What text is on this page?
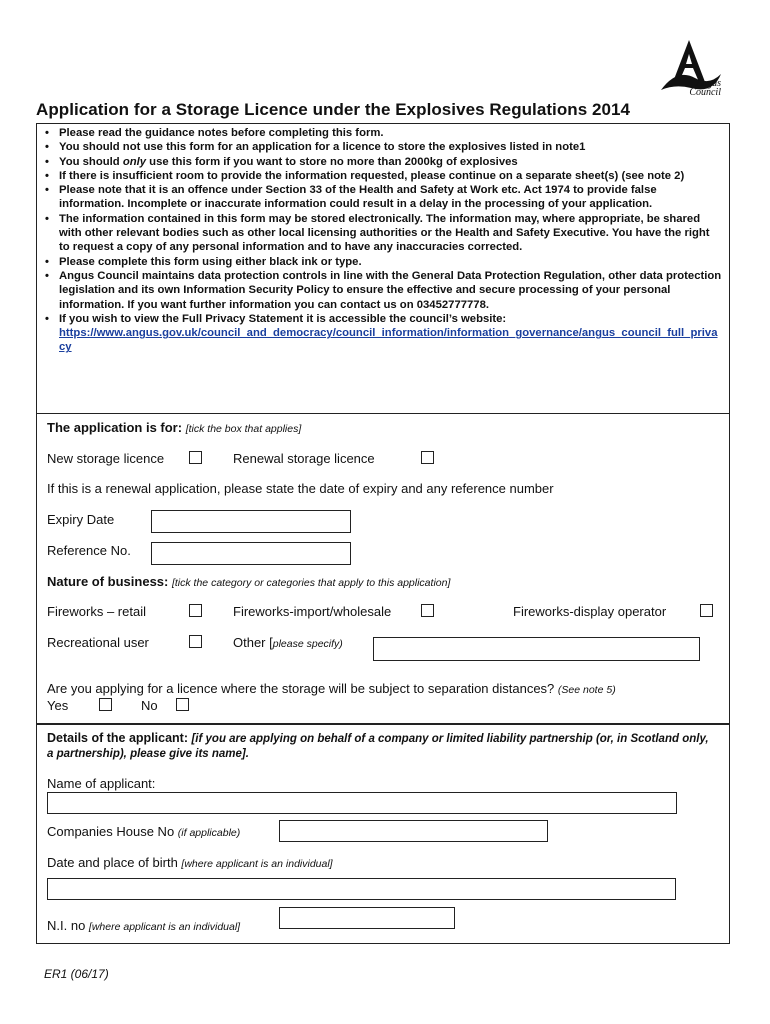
Angus
Council
Application for a Storage Licence under the Explosives Regulations 2014
• Please read the guidance notes before completing this form.
• You should not use this form for an application for a licence to store the explosives listed in note1
• You should only use this form if you want to store no more than 2000kg of explosives
• If there is insufficient room to provide the information requested, please continue on a separate sheet(s) (see note 2)
• Please note that it is an offence under Section 33 of the Health and Safety at Work etc. Act 1974 to provide false information. Incomplete or inaccurate information could result in a delay in the processing of your application.
• The information contained in this form may be stored electronically. The information may, where appropriate, be shared with other relevant bodies such as other local licensing authorities or the Health and Safety Executive. You have the right to request a copy of any personal information and to have any inaccuracies corrected.
• Please complete this form using either black ink or type.
• Angus Council maintains data protection controls in line with the General Data Protection Regulation, other data protection legislation and its own Information Security Policy to ensure the effective and secure processing of your personal information. If you want further information you can contact us on 03452777778.
• If you wish to view the Full Privacy Statement it is accessible the council’s website:
https://www.angus.gov.uk/council_and_democracy/council_information/information_governance/angus_council_full_privacy
The application is for: [tick the box that applies]
New storage licence	Renewal storage licence
If this is a renewal application, please state the date of expiry and any reference number
Expiry Date
Reference No.
Nature of business: [tick the category or categories that apply to this application]
Fireworks – retail	Fireworks-import/wholesale	Fireworks-display operator
Recreational user	Other [please specify)
Are you applying for a licence where the storage will be subject to separation distances? (See note 5)
Yes	No
Details of the applicant: [if you are applying on behalf of a company or limited liability partnership (or, in Scotland only, a partnership), please give its name].
Name of applicant:
Companies House No (if applicable)
Date and place of birth [where applicant is an individual]
N.I. no [where applicant is an individual]
ER1 (06/17)
